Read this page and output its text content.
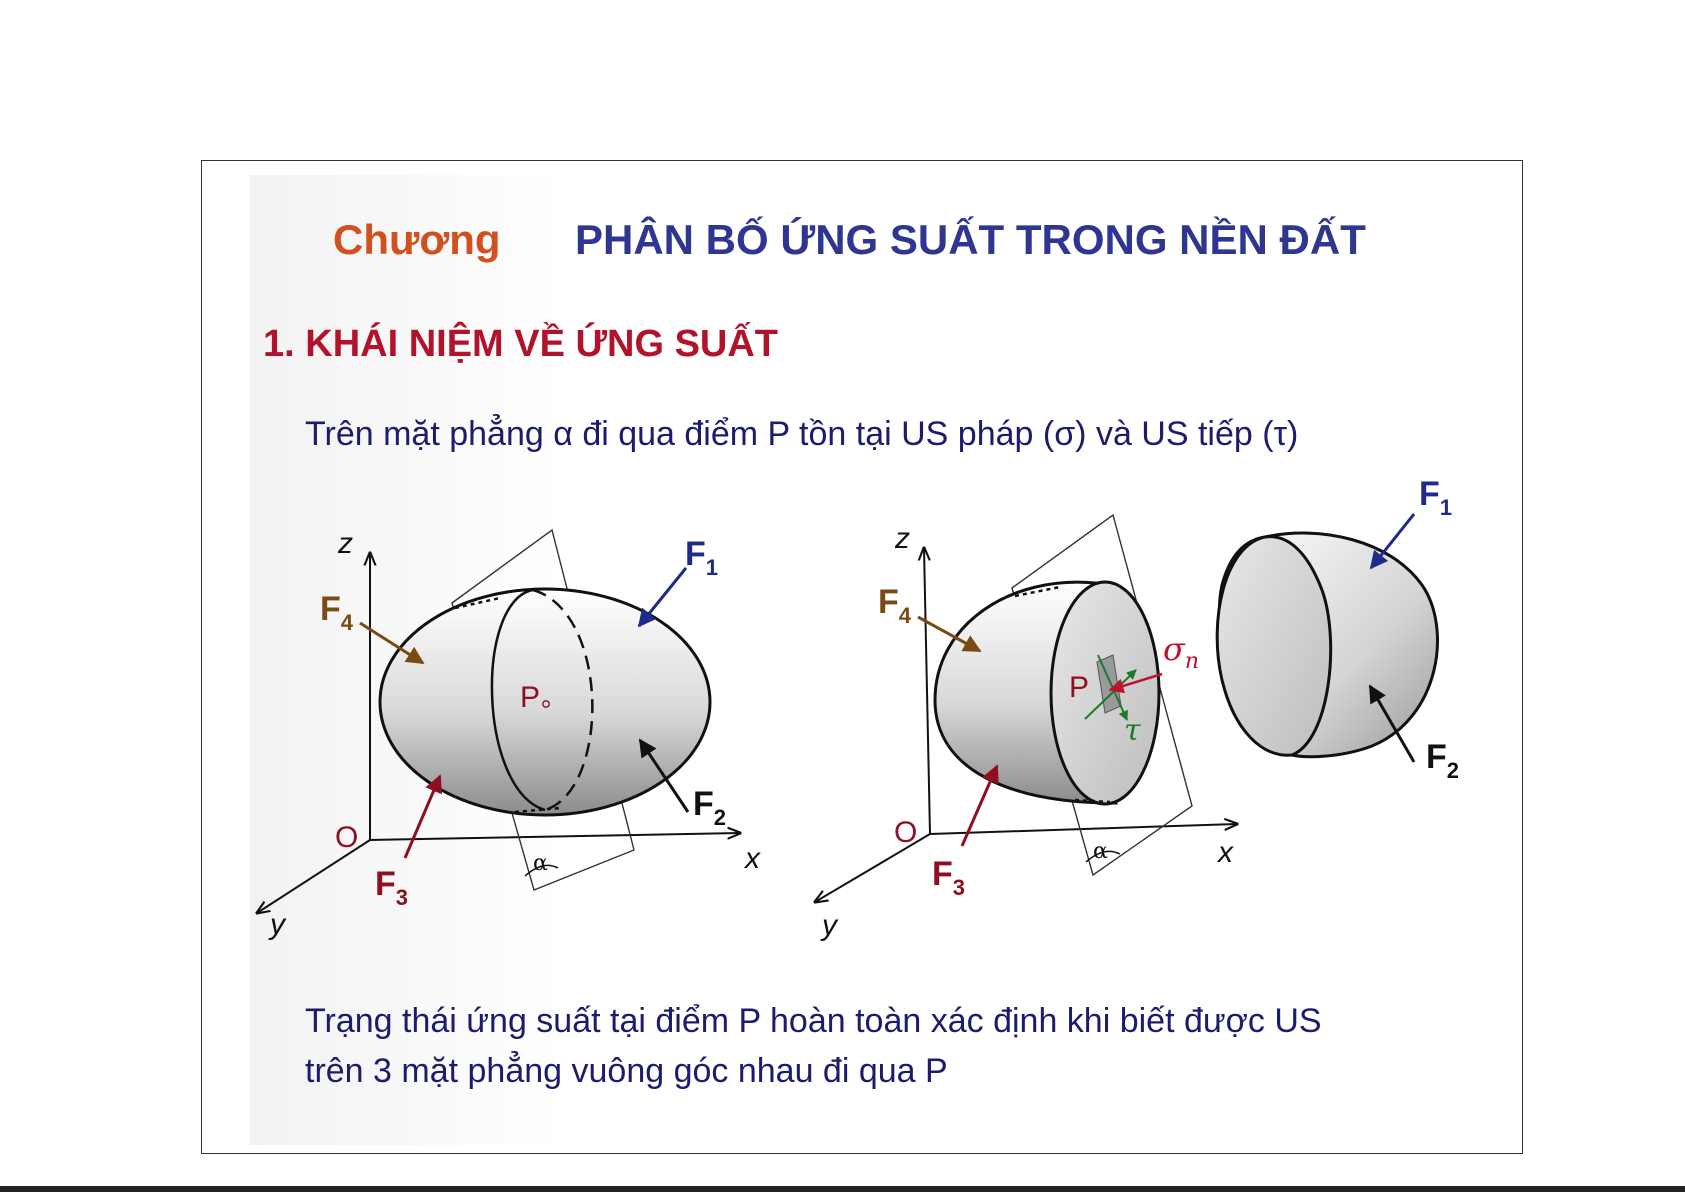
Chương PHÂN BỐ ỨNG SUẤT TRONG NỀN ĐẤT
1. KHÁI NIỆM VỀ ỨNG SUẤT
Trên mặt phẳng α đi qua điểm P tồn tại US pháp (σ) và US tiếp (τ)
α
P
z
x
y
O
$F_1$
$F_2$
$F_3$
$F_4$
P
$\sigma_n$
τ
α
z
x
y
O
$F_3$
$F_4$
$F_1$
$F_2$
Trạng thái ứng suất tại điểm P hoàn toàn xác định khi biết được US
trên 3 mặt phẳng vuông góc nhau đi qua P
